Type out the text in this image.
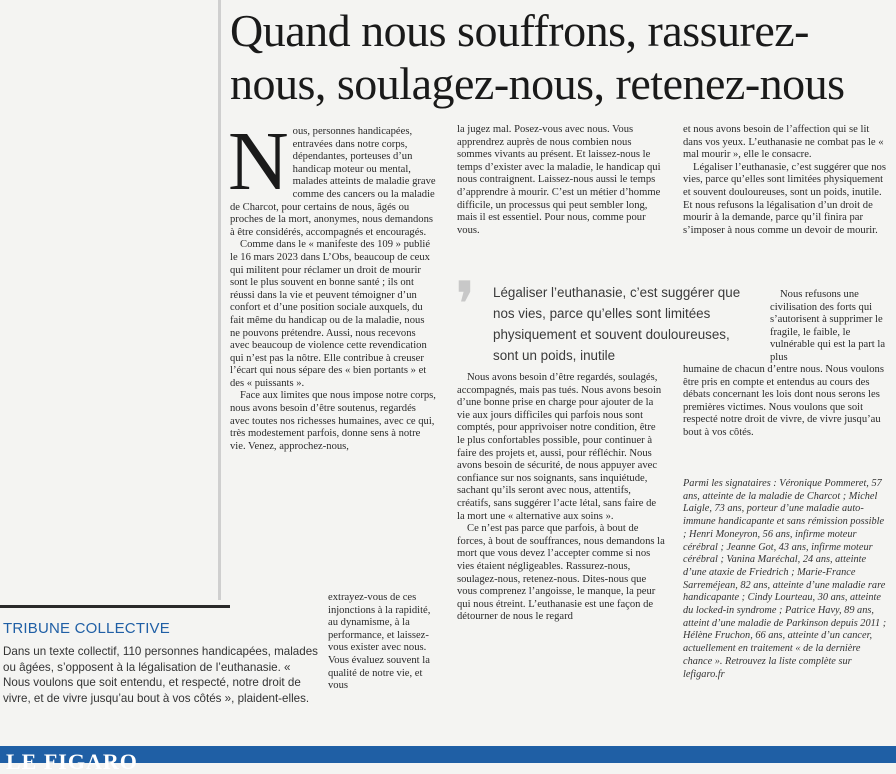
Quand nous souffrons, rassurez-
nous, soulagez-nous, retenez-nous

Nous, personnes handicapées, entravées dans notre corps, dépendantes, porteuses d’un handicap moteur ou mental, malades atteints de maladie grave comme des cancers ou la maladie de Charcot, pour certains de nous, âgés ou proches de la mort, anonymes, nous demandons à être considérés, accompagnés et encouragés.

Comme dans le « manifeste des 109 » publié le 16 mars 2023 dans L’Obs, beaucoup de ceux qui militent pour réclamer un droit de mourir sont le plus souvent en bonne santé ; ils ont réussi dans la vie et peuvent témoigner d’un confort et d’une position sociale auxquels, du fait même du handicap ou de la maladie, nous ne pouvons prétendre. Aussi, nous recevons avec beaucoup de violence cette revendication qui n’est pas la nôtre. Elle contribue à creuser l’écart qui nous sépare des « bien portants » et des « puissants ».

Face aux limites que nous impose notre corps, nous avons besoin d’être soutenus, regardés avec toutes nos richesses humaines, avec ce qui, très modestement parfois, donne sens à notre vie. Venez, approchez-nous,

extrayez-vous de ces injonctions à la rapidité, au dynamisme, à la performance, et laissez-vous exister avec nous. Vous évaluez souvent la qualité de notre vie, et vous

la jugez mal. Posez-vous avec nous. Vous apprendrez auprès de nous combien nous sommes vivants au présent. Et laissez-nous le temps d’exister avec la maladie, le handicap qui nous contraignent. Laissez-nous aussi le temps d’apprendre à mourir. C’est un métier d’homme difficile, un processus qui peut sembler long, mais il est essentiel. Pour nous, comme pour vous.

❜ Légaliser l’euthanasie, c’est suggérer que nos vies, parce qu’elles sont limitées physiquement et souvent douloureuses, sont un poids, inutile

Nous avons besoin d’être regardés, soulagés, accompagnés, mais pas tués. Nous avons besoin d’une bonne prise en charge pour ajouter de la vie aux jours difficiles qui parfois nous sont comptés, pour apprivoiser notre condition, être le plus confortables possible, pour continuer à faire des projets et, aussi, pour réfléchir. Nous avons besoin de sécurité, de nous appuyer avec confiance sur nos soignants, sans inquiétude, sachant qu’ils seront avec nous, attentifs, créatifs, sans suggérer l’acte létal, sans faire de la mort une « alternative aux soins ».

Ce n’est pas parce que parfois, à bout de forces, à bout de souffrances, nous demandons la mort que vous devez l’accepter comme si nos vies étaient négligeables. Rassurez-nous, soulagez-nous, retenez-nous. Dites-nous que vous comprenez l’angoisse, le manque, la peur qui nous étreint. L’euthanasie est une façon de détourner de nous le regard

et nous avons besoin de l’affection qui se lit dans vos yeux. L’euthanasie ne combat pas le « mal mourir », elle le consacre.

Légaliser l’euthanasie, c’est suggérer que nos vies, parce qu’elles sont limitées physiquement et souvent douloureuses, sont un poids, inutile. Et nous refusons la légalisation d’un droit de mourir à la demande, parce qu’il finira par s’imposer à nous comme un devoir de mourir.

Nous refusons une civilisation des forts qui s’autorisent à supprimer le fragile, le faible, le vulnérable qui est la part la plus

humaine de chacun d’entre nous. Nous voulons être pris en compte et entendus au cours des débats concernant les lois dont nous serons les premières victimes. Nous voulons que soit respecté notre droit de vivre, de vivre jusqu’au bout à vos côtés.

Parmi les signataires : Véronique Pommeret, 57 ans, atteinte de la maladie de Charcot ; Michel Laigle, 73 ans, porteur d’une maladie auto-immune handicapante et sans rémission possible ; Henri Moneyron, 56 ans, infirme moteur cérébral ; Jeanne Got, 43 ans, infirme moteur cérébral ; Vanina Maréchal, 24 ans, atteinte d’une ataxie de Friedrich ; Marie-France Sarreméjean, 82 ans, atteinte d’une maladie rare handicapante ; Cindy Lourteau, 30 ans, atteinte du locked-in syndrome ; Patrice Havy, 89 ans, atteint d’une maladie de Parkinson depuis 2011 ; Hélène Fruchon, 66 ans, atteinte d’un cancer, actuellement en traitement « de la dernière chance ». Retrouvez la liste complète sur lefigaro.fr
TRIBUNE COLLECTIVE
Dans un texte collectif, 110 personnes handicapées, malades ou âgées, s’opposent à la légalisation de l’euthanasie. « Nous voulons que soit entendu, et respecté, notre droit de vivre, et de vivre jusqu’au bout à vos côtés », plaident-elles.
LE FIGARO
